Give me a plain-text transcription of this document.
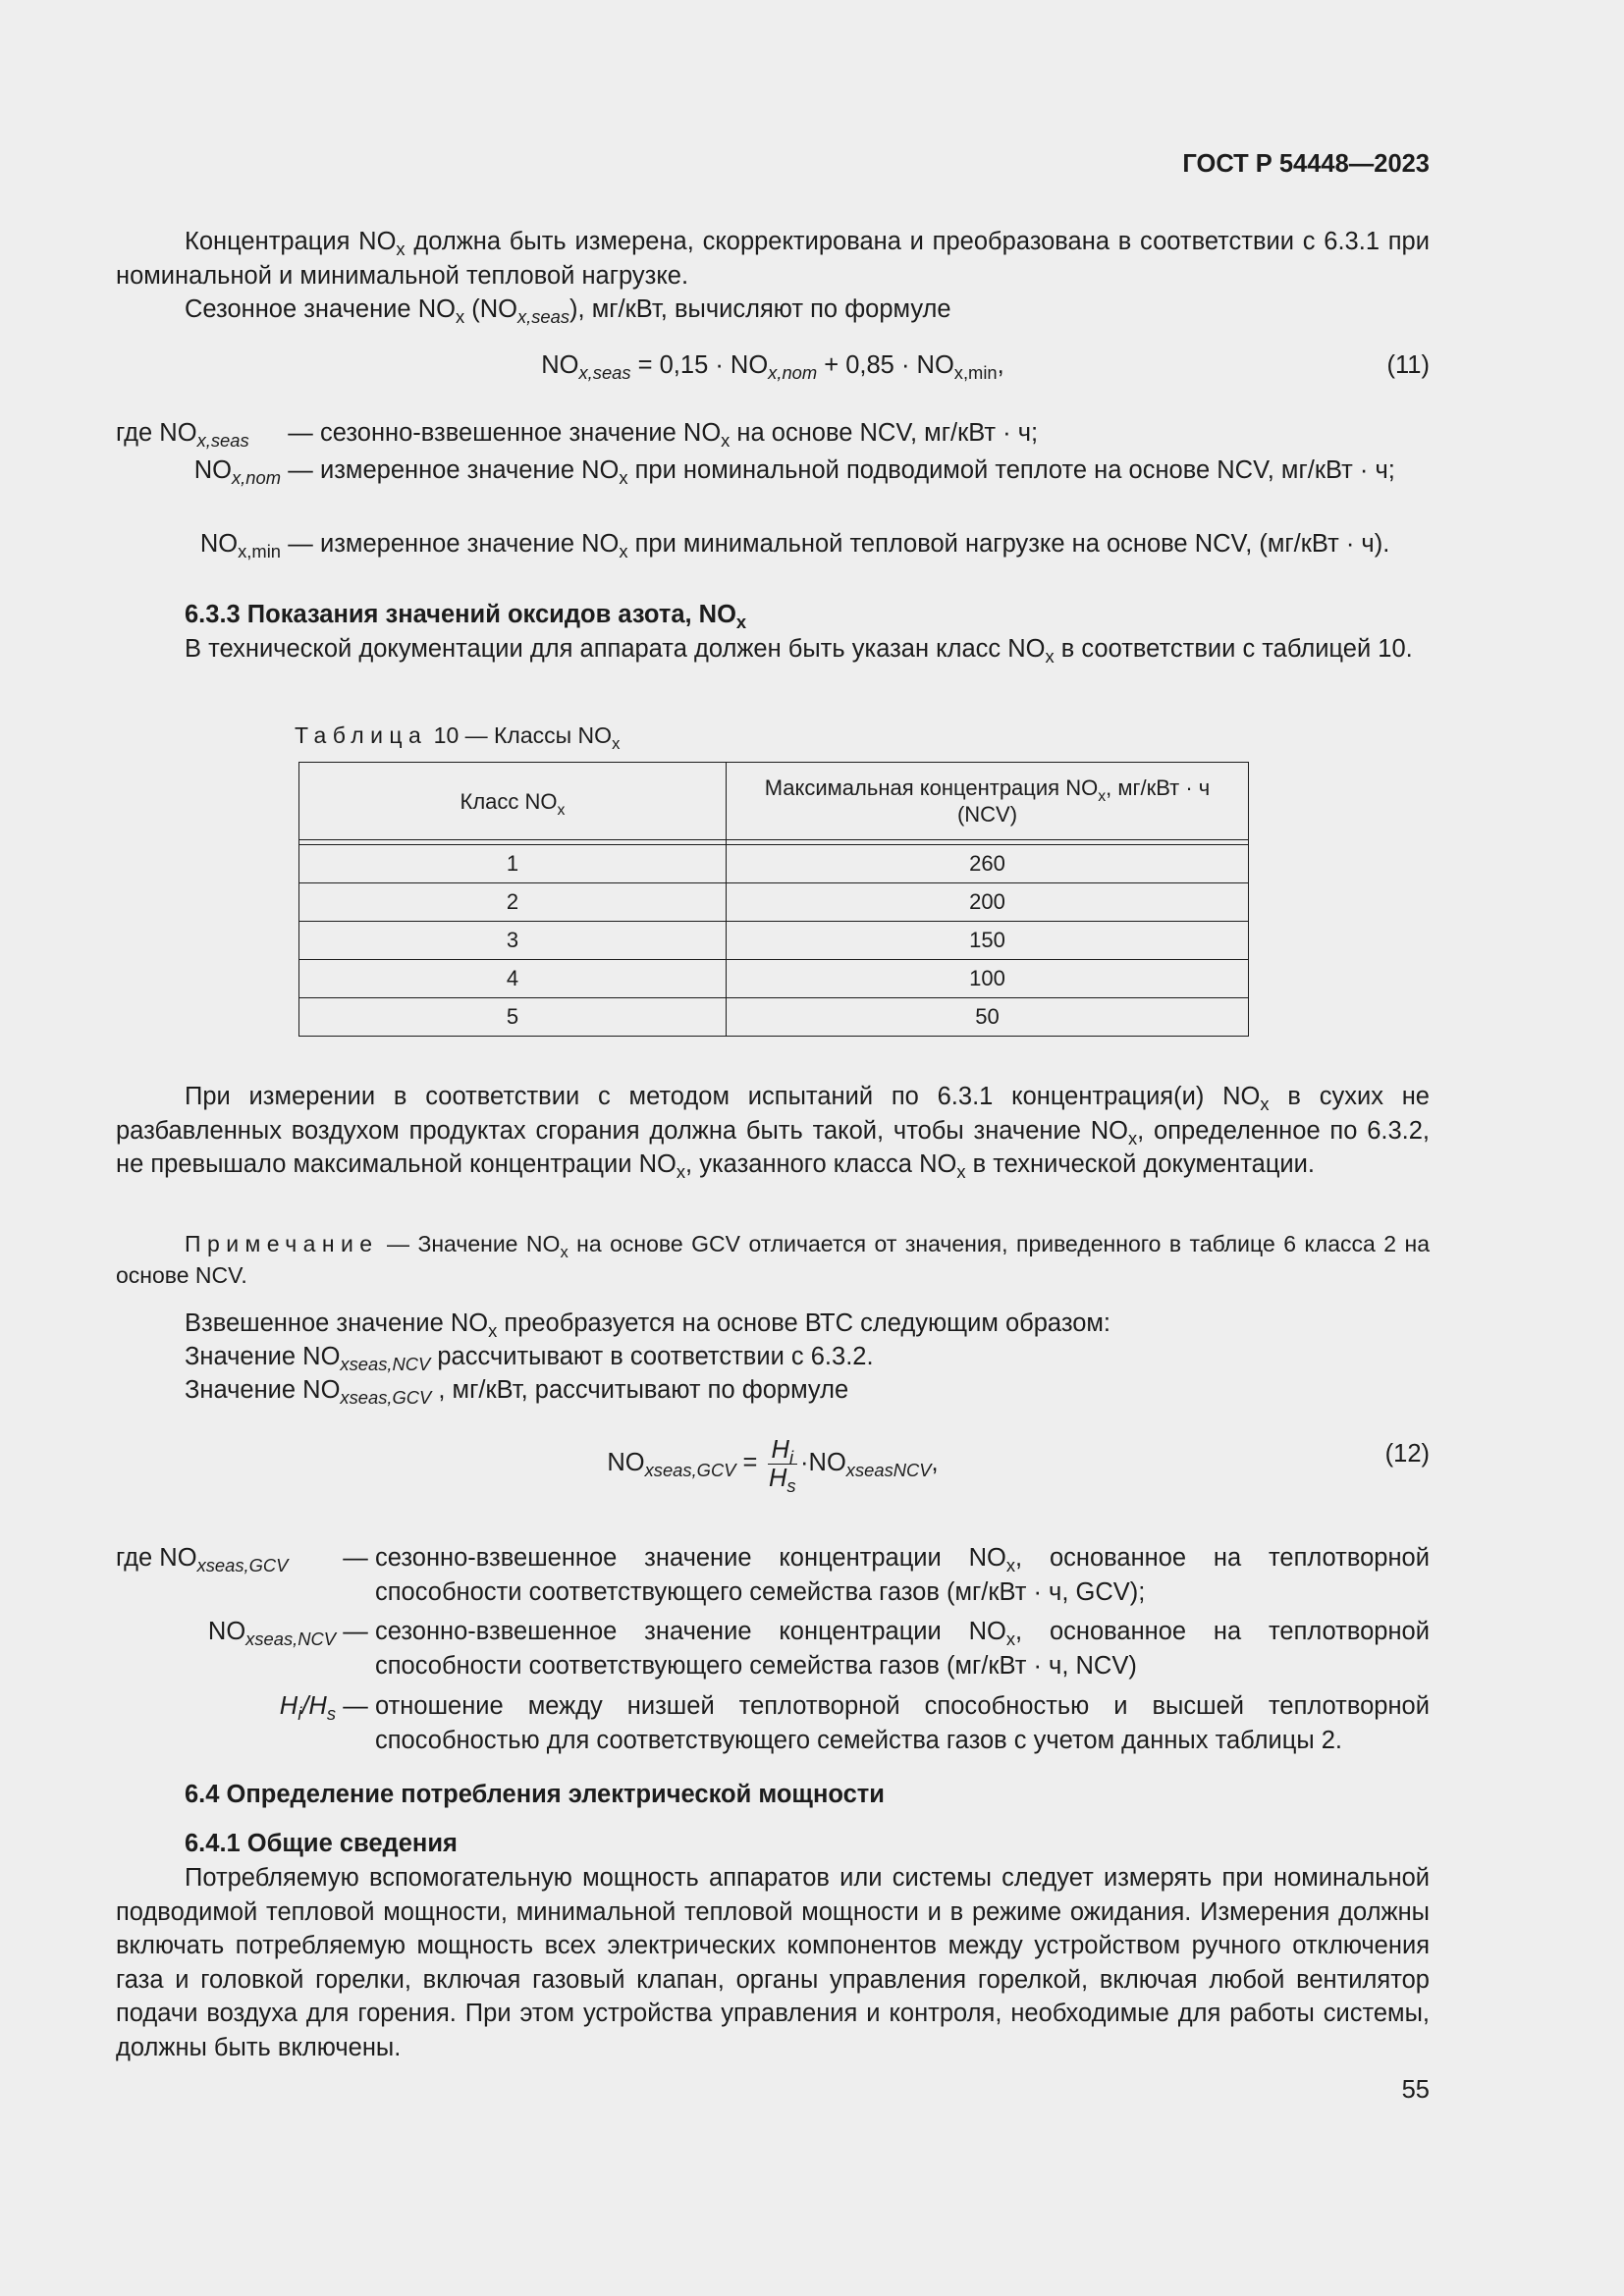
ГОСТ Р 54448—2023
Концентрация $NO_x$ должна быть измерена, скорректирована и преобразована в соответствии с 6.3.1 при номинальной и минимальной тепловой нагрузке.
Сезонное значение $NO_x$ $(NO_{x,seas})$, мг/кВт, вычисляют по формуле
$NO_{x,seas} = 0,15 \cdot NO_{x,nom} + 0,85 \cdot NO_{x,min}$,	(11)
где $NO_{x,seas}$	— сезонно-взвешенное значение $NO_x$ на основе NCV, мг/кВт · ч;
$NO_{x,nom}$ — измеренное значение $NO_x$ при номинальной подводимой теплоте на основе NCV, мг/кВт · ч;
$NO_{x,min}$ — измеренное значение $NO_x$ при минимальной тепловой нагрузке на основе NCV, (мг/кВт · ч).
6.3.3 Показания значений оксидов азота, $NO_x$
В технической документации для аппарата должен быть указан класс $NO_x$ в соответствии с таблицей 10.
Таблица 10 — Классы $NO_x$
Класс $NO_x$	Максимальная концентрация $NO_x$, мг/кВт · ч
(NCV)

1	260
2	200
3	150
4	100
5	50
При измерении в соответствии с методом испытаний по 6.3.1 концентрация(и) $NO_x$ в сухих не разбавленных воздухом продуктах сгорания должна быть такой, чтобы значение $NO_x$, определенное по 6.3.2, не превышало максимальной концентрации $NO_x$, указанного класса $NO_x$ в технической документации.
Примечание — Значение $NO_x$ на основе GCV отличается от значения, приведенного в таблице 6 класса 2 на основе NCV.
Взвешенное значение $NO_x$ преобразуется на основе ВТС следующим образом:
Значение $NO_{xseas,NCV}$ рассчитывают в соответствии с 6.3.2.
Значение $NO_{xseas,GCV}$ , мг/кВт, рассчитывают по формуле
$NO_{xseas,GCV} = \frac{H_i}{H_s} \cdot NO_{xseasNCV}$,	(12)
где $NO_{xseas,GCV}$	— сезонно-взвешенное значение концентрации $NO_x$, основанное на теплотворной способности соответствующего семейства газов (мг/кВт · ч, GCV);
$NO_{xseas,NCV}$ — сезонно-взвешенное значение концентрации $NO_x$, основанное на теплотворной способности соответствующего семейства газов (мг/кВт · ч, NCV)
$H_i/H_s$ — отношение между низшей теплотворной способностью и высшей теплотворной способностью для соответствующего семейства газов с учетом данных таблицы 2.
6.4 Определение потребления электрической мощности
6.4.1 Общие сведения
Потребляемую вспомогательную мощность аппаратов или системы следует измерять при номинальной подводимой тепловой мощности, минимальной тепловой мощности и в режиме ожидания. Измерения должны включать потребляемую мощность всех электрических компонентов между устройством ручного отключения газа и головкой горелки, включая газовый клапан, органы управления горелкой, включая любой вентилятор подачи воздуха для горения. При этом устройства управления и контроля, необходимые для работы системы, должны быть включены.
55
